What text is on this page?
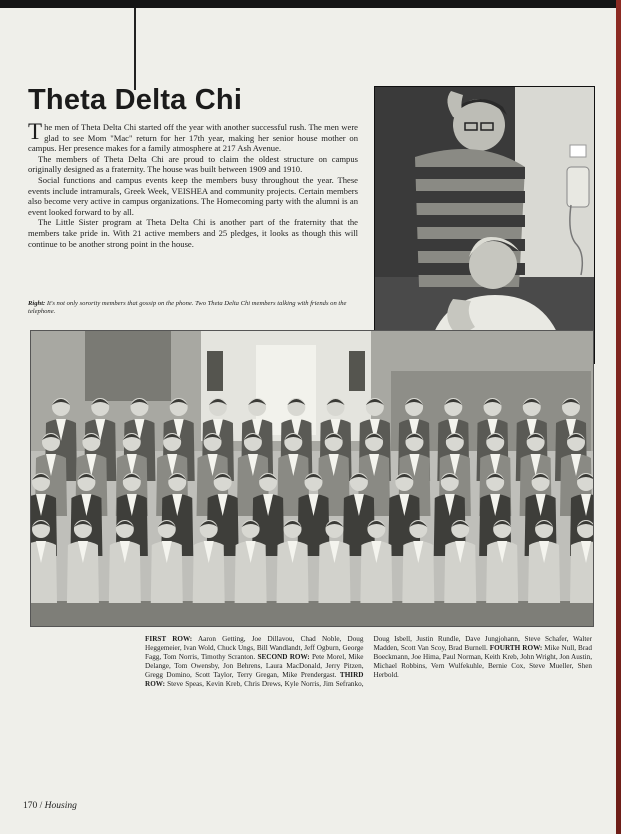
Theta Delta Chi

The men of Theta Delta Chi started off the year with another successful rush. The men were glad to see Mom "Mac" return for her 17th year, making her senior house mother on campus. Her presence makes for a family atmosphere at 217 Ash Avenue.

The members of Theta Delta Chi are proud to claim the oldest structure on campus originally designed as a fraternity. The house was built between 1909 and 1910.

Social functions and campus events keep the members busy throughout the year. These events include intramurals, Greek Week, VEISHEA and community projects. Certain members also become very active in campus organizations. The Homecoming party with the alumni is an event looked forward to by all.

The Little Sister program at Theta Delta Chi is another part of the fraternity that the members take pride in. With 21 active members and 25 pledges, it looks as though this will continue to be another strong point in the house.

Right: It's not only sorority members that gossip on the phone. Two Theta Delta Chi members talking with friends on the telephone.

FIRST ROW: Aaron Getting, Joe Dillavou, Chad Noble, Doug Heggemeier, Ivan Wold, Chuck Ungs, Bill Wandlandt, Jeff Ogburn, George Fagg, Tom Norris, Timothy Scranton. SECOND ROW: Pete Morel, Mike Delange, Tom Owensby, Jon Behrens, Laura MacDonald, Jerry Pitzen, Gregg Domino, Scott Taylor, Terry Gregan, Mike Prendergast. THIRD ROW: Steve Speas, Kevin Kreb, Chris Drews, Kyle Norris, Jim Sefranko, Doug Isbell, Justin Rundle, Dave Jungjohann, Steve Schafer, Walter Madden, Scott Van Scoy, Brad Burnell. FOURTH ROW: Mike Null, Brad Boeckmann, Joe Hima, Paul Norman, Keith Kreb, John Wright, Jon Austin, Michael Robbins, Vern Wulfekuhle, Bernie Cox, Steve Mueller, Shen Herbold.
170 / Housing
